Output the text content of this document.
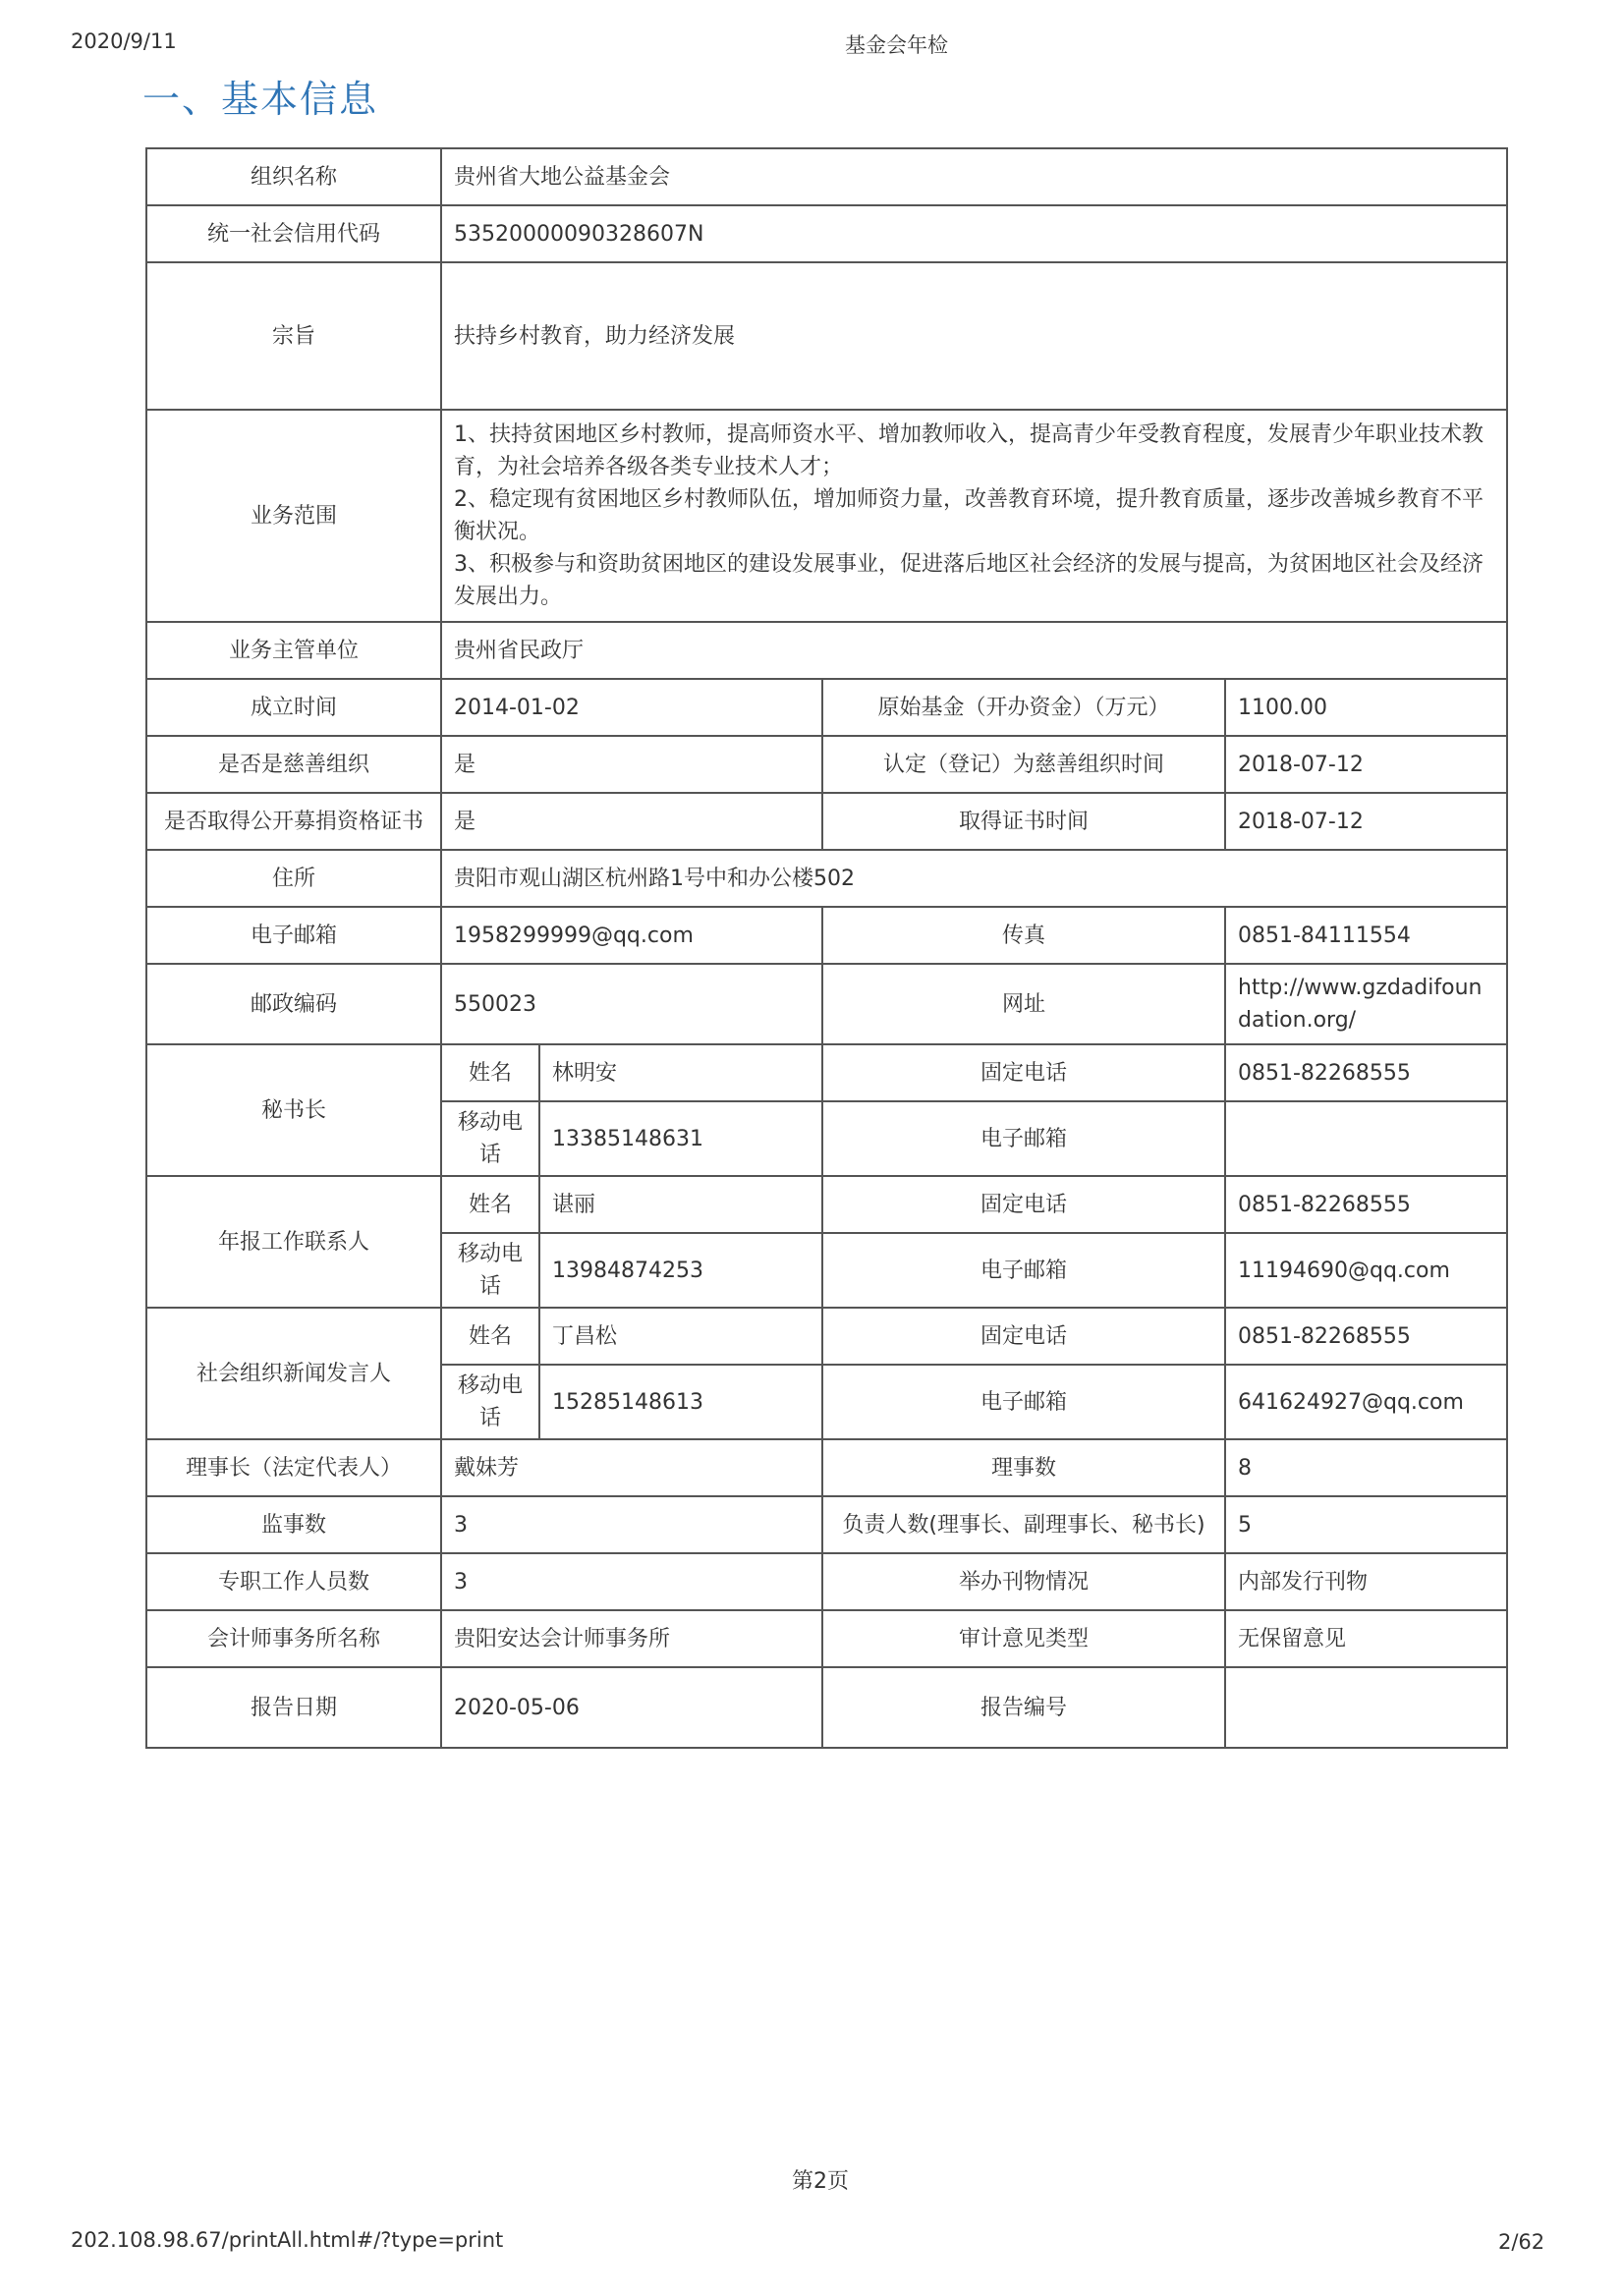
2020/9/11	基金会年检
一、基本信息
组织名称	贵州省大地公益基金会			
统一社会信用代码	53520000090328607N			
宗旨	扶持乡村教育，助力经济发展			
业务范围	1、扶持贫困地区乡村教师，提高师资水平、增加教师收入，提高青少年受教育程度，发展青少年职业技术教育，为社会培养各级各类专业技术人才；
2、稳定现有贫困地区乡村教师队伍，增加师资力量，改善教育环境，提升教育质量，逐步改善城乡教育不平衡状况。
3、积极参与和资助贫困地区的建设发展事业，促进落后地区社会经济的发展与提高，为贫困地区社会及经济发展出力。			

业务主管单位	贵州省民政厅			
成立时间	2014-01-02		原始基金（开办资金）（万元）	1100.00
是否是慈善组织	是		认定（登记）为慈善组织时间	2018-07-12
是否取得公开募捐资格证书	是		取得证书时间	2018-07-12
住所	贵阳市观山湖区杭州路1号中和办公楼502			
电子邮箱	1958299999@qq.com		传真	0851-84111554
邮政编码	550023		网址	http://www.gzdadifoundation.org/
秘书长	姓名	林明安	固定电话	0851-82268555
	移动电话	13385148631	电子邮箱	
年报工作联系人	姓名	谌丽	固定电话	0851-82268555
	移动电话	13984874253	电子邮箱	11194690@qq.com
社会组织新闻发言人	姓名	丁昌松	固定电话	0851-82268555
	移动电话	15285148613	电子邮箱	641624927@qq.com
理事长（法定代表人）	戴妹芳		理事数	8
监事数	3		负责人数(理事长、副理事长、秘书长)	5
专职工作人员数	3		举办刊物情况	内部发行刊物
会计师事务所名称	贵阳安达会计师事务所		审计意见类型	无保留意见
报告日期	2020-05-06		报告编号	
第2页
202.108.98.67/printAll.html#/?type=print	2/62
